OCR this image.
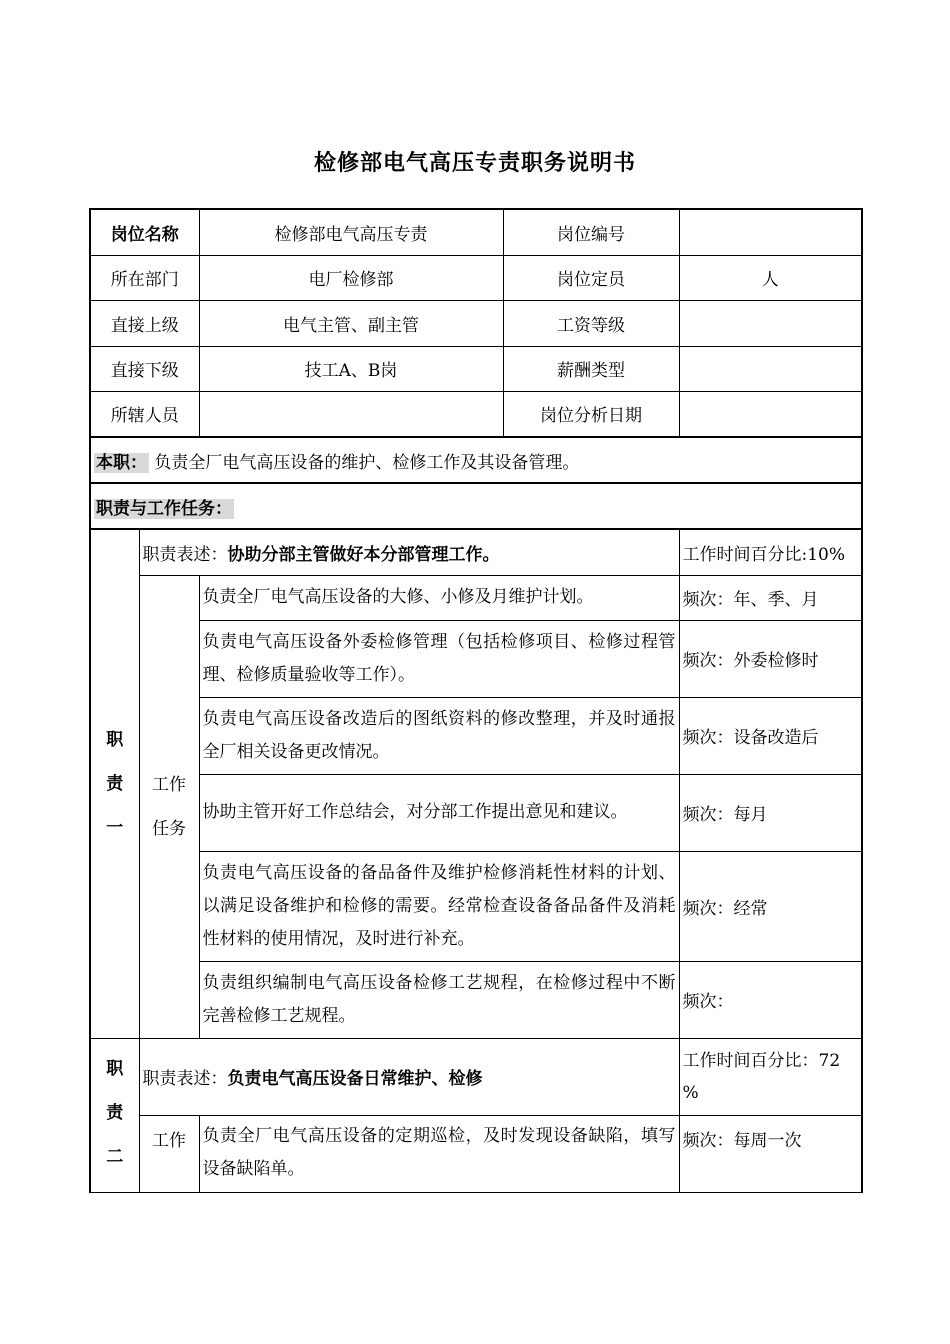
检修部电气高压专责职务说明书
岗位名称		检修部电气高压专责	岗位编号	
所在部门		电厂检修部	岗位定员	人
直接上级		电气主管、副主管	工资等级	
直接下级		技工A、B岗	薪酬类型	
所辖人员			岗位分析日期	
本职： 负责全厂电气高压设备的维护、检修工作及其设备管理。				
职责与工作任务：				
职
责
一	职责表述：协助分部主管做好本分部管理工作。			工作时间百分比:10%
	工作
任务	负责全厂电气高压设备的大修、小修及月维护计划。		频次：年、季、月
		负责电气高压设备外委检修管理（包括检修项目、检修过程管理、检修质量验收等工作）。		频次：外委检修时
		负责电气高压设备改造后的图纸资料的修改整理，并及时通报全厂相关设备更改情况。		频次：设备改造后
		协助主管开好工作总结会，对分部工作提出意见和建议。		频次：每月
		负责电气高压设备的备品备件及维护检修消耗性材料的计划、以满足设备维护和检修的需要。经常检查设备备品备件及消耗性材料的使用情况，及时进行补充。		频次：经常
		负责组织编制电气高压设备检修工艺规程，在检修过程中不断完善检修工艺规程。		频次：
职
责
二	职责表述：负责电气高压设备日常维护、检修			工作时间百分比：72
%
	工作	负责全厂电气高压设备的定期巡检，及时发现设备缺陷，填写设备缺陷单。		频次：每周一次
